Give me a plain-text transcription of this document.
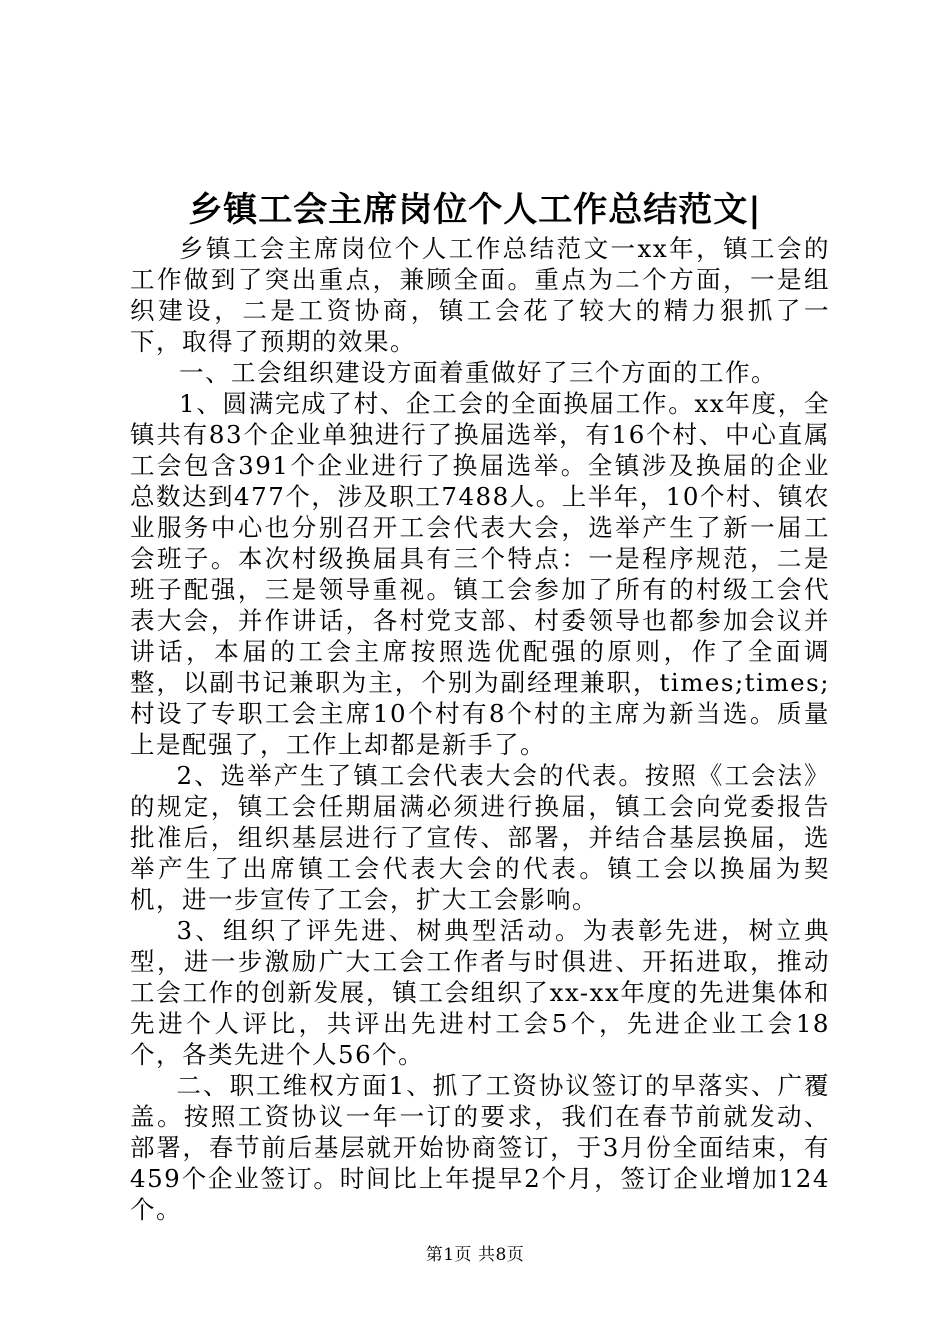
乡镇工会主席岗位个人工作总结范文|

乡镇工会主席岗位个人工作总结范文一xx年，镇工会的工作做到了突出重点，兼顾全面。重点为二个方面，一是组织建设，二是工资协商，镇工会花了较大的精力狠抓了一下，取得了预期的效果。

一、工会组织建设方面着重做好了三个方面的工作。

1、圆满完成了村、企工会的全面换届工作。xx年度，全镇共有83个企业单独进行了换届选举，有16个村、中心直属工会包含391个企业进行了换届选举。全镇涉及换届的企业总数达到477个，涉及职工7488人。上半年，10个村、镇农业服务中心也分别召开工会代表大会，选举产生了新一届工会班子。本次村级换届具有三个特点：一是程序规范，二是班子配强，三是领导重视。镇工会参加了所有的村级工会代表大会，并作讲话，各村党支部、村委领导也都参加会议并讲话，本届的工会主席按照选优配强的原则，作了全面调整，以副书记兼职为主，个别为副经理兼职，times;times;村设了专职工会主席10个村有8个村的主席为新当选。质量上是配强了，工作上却都是新手了。

2、选举产生了镇工会代表大会的代表。按照《工会法》的规定，镇工会任期届满必须进行换届，镇工会向党委报告批准后，组织基层进行了宣传、部署，并结合基层换届，选举产生了出席镇工会代表大会的代表。镇工会以换届为契机，进一步宣传了工会，扩大工会影响。

3、组织了评先进、树典型活动。为表彰先进，树立典型，进一步激励广大工会工作者与时俱进、开拓进取，推动工会工作的创新发展，镇工会组织了xx-xx年度的先进集体和先进个人评比，共评出先进村工会5个，先进企业工会18个，各类先进个人56个。

二、职工维权方面1、抓了工资协议签订的早落实、广覆盖。按照工资协议一年一订的要求，我们在春节前就发动、部署，春节前后基层就开始协商签订，于3月份全面结束，有459个企业签订。时间比上年提早2个月，签订企业增加124个。

第1页 共8页
